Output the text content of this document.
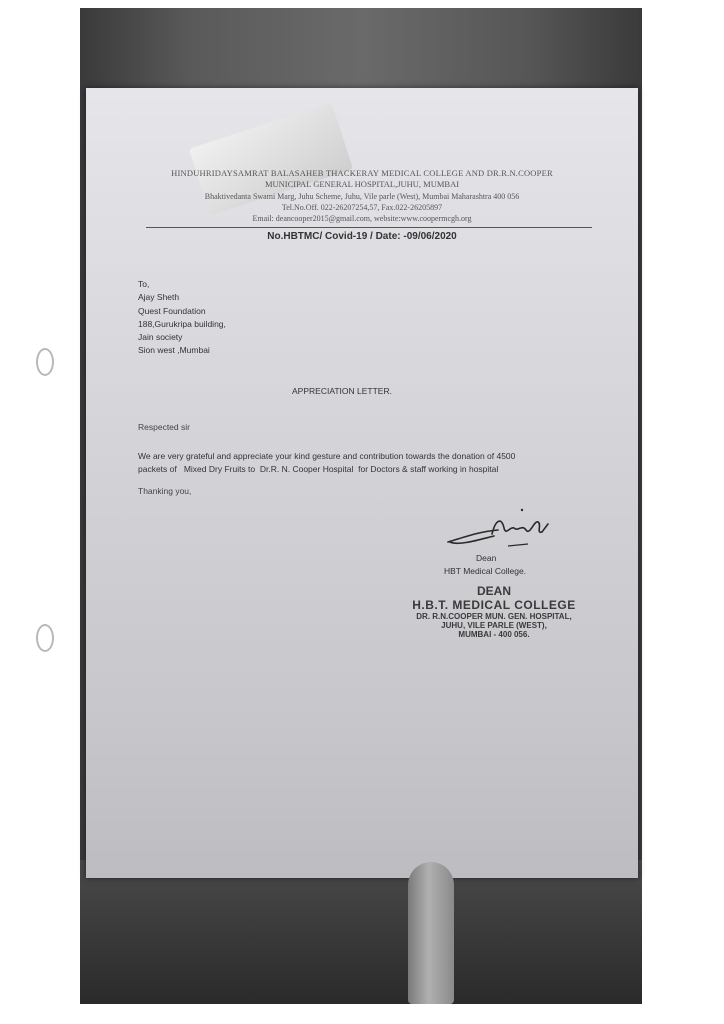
HINDUHRIDAYSAMRAT BALASAHEB THACKERAY MEDICAL COLLEGE AND DR.R.N.COOPER
MUNICIPAL GENERAL HOSPITAL,JUHU, MUMBAI
Bhaktivedanta Swami Marg, Juhu Scheme, Juhu, Vile parle (West), Mumbai Maharashtra 400 056
Tel.No.Off. 022-26207254,57, Fax.022-26205897
Email: deancooper2015@gmail.com, website:www.coopermcgh.org
No.HBTMC/ Covid-19 / Date: -09/06/2020
To,
Ajay Sheth
Quest Foundation
188,Gurukripa building,
Jain society
Sion west ,Mumbai
APPRECIATION LETTER.
Respected sir
We are very grateful and appreciate your kind gesture and contribution towards the donation of 4500
packets of   Mixed Dry Fruits to  Dr.R. N. Cooper Hospital  for Doctors & staff working in hospital
Thanking you,
Dean
HBT Medical College.
DEAN
H.B.T. MEDICAL COLLEGE
DR. R.N.COOPER MUN. GEN. HOSPITAL,
JUHU, VILE PARLE (WEST),
MUMBAI - 400 056.
